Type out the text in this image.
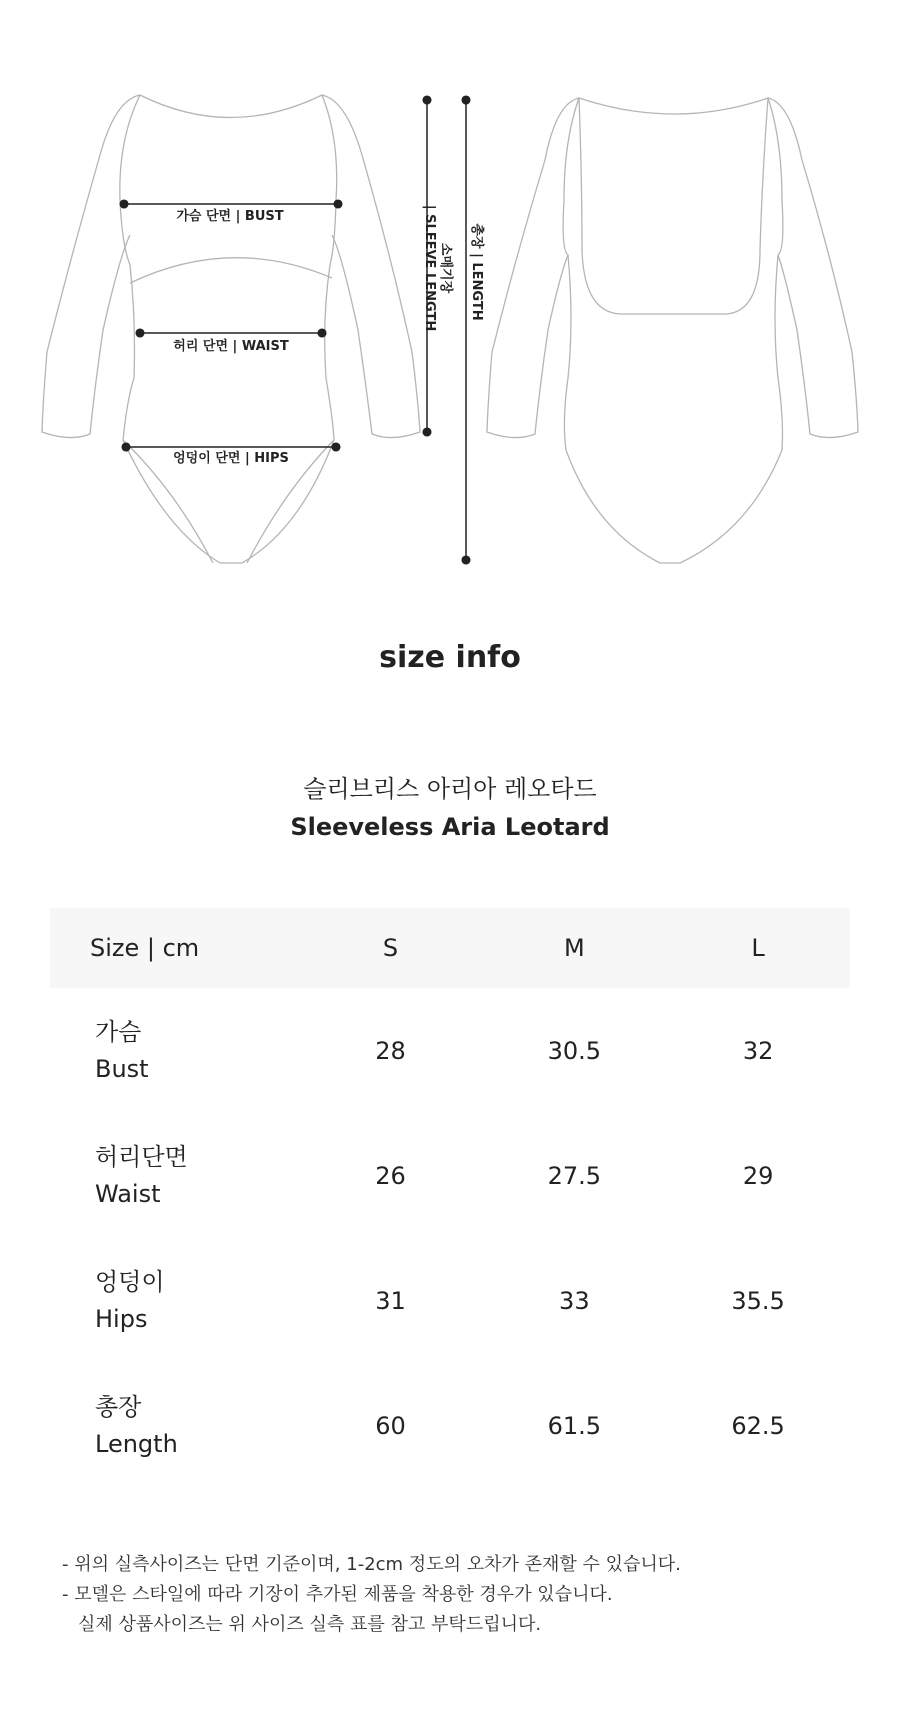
가슴 단면 | BUST
허리 단면 | WAIST
엉덩이 단면 | HIPS
소매기장
| SLEEVE LENGTH 총장 | LENGTH
size info
슬리브리스 아리아 레오타드
Sleeveless Aria Leotard
Size | cm	S	M	L
가슴
Bust
28	30.5	32
허리단면
Waist
26	27.5	29
엉덩이
Hips
31	33	35.5
총장
Length
60	61.5	62.5
- 위의 실측사이즈는 단면 기준이며, 1-2cm 정도의 오차가 존재할 수 있습니다.
- 모델은 스타일에 따라 기장이 추가된 제품을 착용한 경우가 있습니다.
실제 상품사이즈는 위 사이즈 실측 표를 참고 부탁드립니다.
